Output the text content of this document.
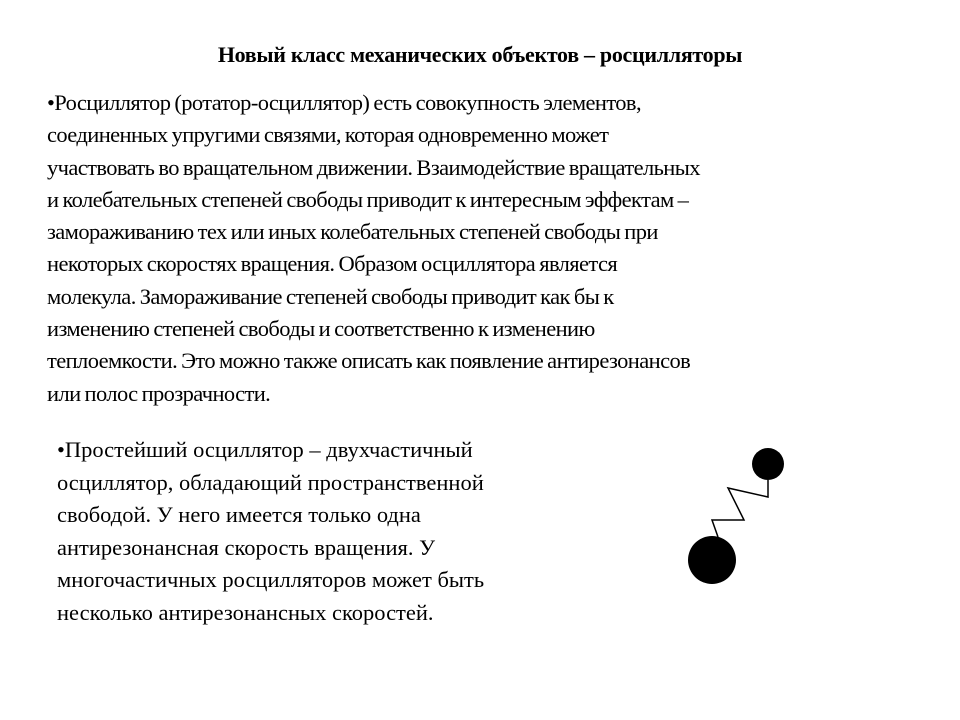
Новый класс механических объектов – росцилляторы
•Росциллятор (ротатор-осциллятор) есть совокупность элементов,
соединенных упругими связями, которая одновременно может
участвовать во вращательном движении. Взаимодействие вращательных
и колебательных степеней свободы приводит к интересным эффектам –
замораживанию тех или иных колебательных степеней свободы при
некоторых скоростях вращения. Образом осциллятора является
молекула. Замораживание степеней свободы приводит как бы к
изменению степеней свободы и соответственно к изменению
теплоемкости. Это можно также описать как появление антирезонансов
или полос прозрачности.
•Простейший осциллятор – двухчастичный
осциллятор, обладающий пространственной
свободой. У него имеется только одна
антирезонансная скорость вращения. У
многочастичных росцилляторов может быть
несколько антирезонансных скоростей.
